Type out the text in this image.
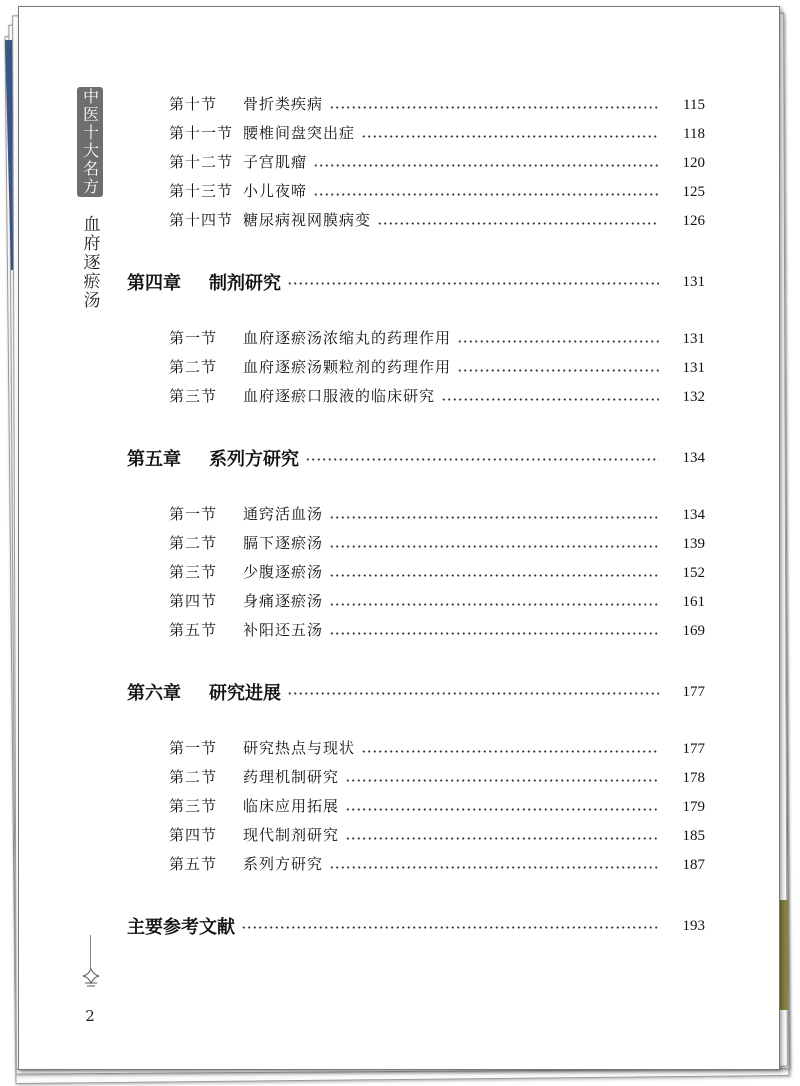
中医十大名方
血府逐瘀汤
2
第十节 骨折类疾病	115
第十一节 腰椎间盘突出症	118
第十二节 子宫肌瘤	120
第十三节 小儿夜啼	125
第十四节 糖尿病视网膜病变	126
第四章 制剂研究	131
第一节 血府逐瘀汤浓缩丸的药理作用	131
第二节 血府逐瘀汤颗粒剂的药理作用	131
第三节 血府逐瘀口服液的临床研究	132
第五章 系列方研究	134
第一节 通窍活血汤	134
第二节 膈下逐瘀汤	139
第三节 少腹逐瘀汤	152
第四节 身痛逐瘀汤	161
第五节 补阳还五汤	169
第六章 研究进展	177
第一节 研究热点与现状	177
第二节 药理机制研究	178
第三节 临床应用拓展	179
第四节 现代制剂研究	185
第五节 系列方研究	187
主要参考文献	193
